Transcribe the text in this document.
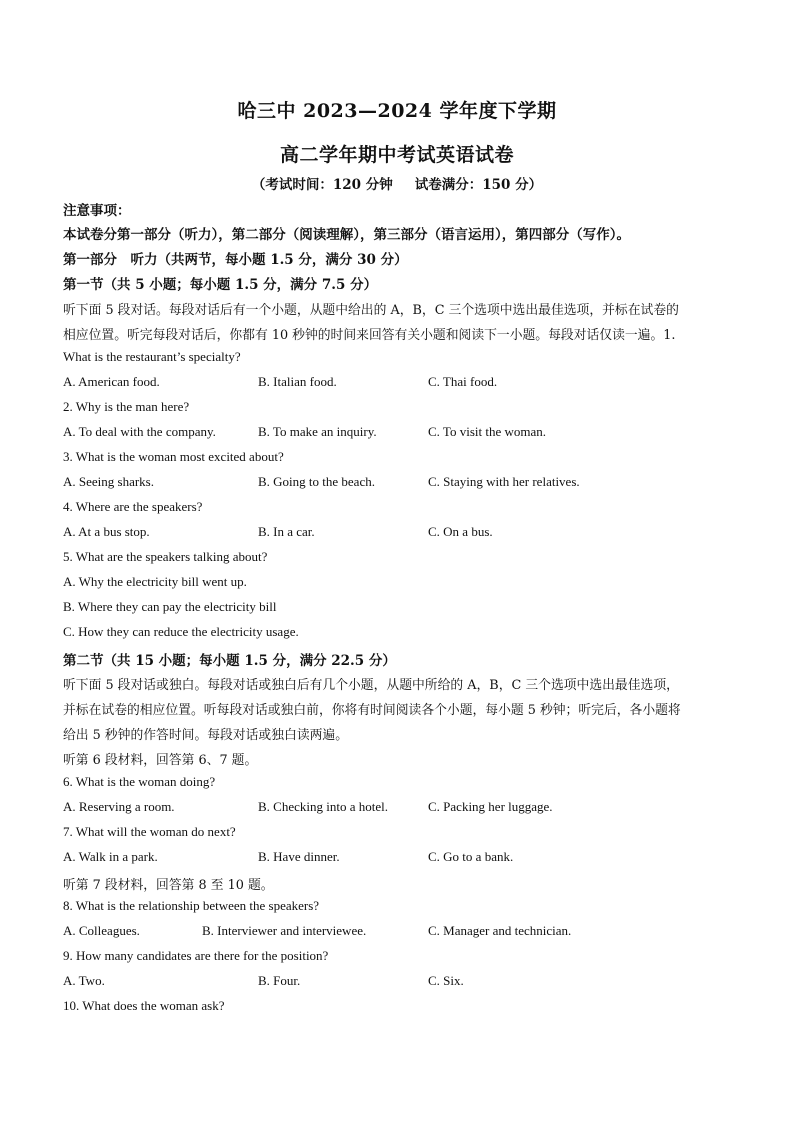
哈三中 2023—2024 学年度下学期
高二学年期中考试英语试卷
（考试时间：120 分钟 试卷满分：150 分）
注意事项：
本试卷分第一部分（听力），第二部分（阅读理解），第三部分（语言运用），第四部分（写作）。
第一部分　听力（共两节，每小题 1.5 分，满分 30 分）
第一节（共 5 小题；每小题 1.5 分，满分 7.5 分）
听下面 5 段对话。每段对话后有一个小题，从题中给出的 A，B，C 三个选项中选出最佳选项，并标在试卷的
相应位置。听完每段对话后，你都有 10 秒钟的时间来回答有关小题和阅读下一小题。每段对话仅读一遍。1.
What is the restaurant’s specialty?
A. American food.	B. Italian food.	C. Thai food.
2. Why is the man here?
A. To deal with the company.	B. To make an inquiry.	C. To visit the woman.
3. What is the woman most excited about?
A. Seeing sharks.	B. Going to the beach.	C. Staying with her relatives.
4. Where are the speakers?
A. At a bus stop.	B. In a car.	C. On a bus.
5. What are the speakers talking about?
A. Why the electricity bill went up.
B. Where they can pay the electricity bill
C. How they can reduce the electricity usage.
第二节（共 15 小题；每小题 1.5 分，满分 22.5 分）
听下面 5 段对话或独白。每段对话或独白后有几个小题，从题中所给的 A，B，C 三个选项中选出最佳选项，
并标在试卷的相应位置。听每段对话或独白前，你将有时间阅读各个小题，每小题 5 秒钟；听完后，各小题将
给出 5 秒钟的作答时间。每段对话或独白读两遍。
听第 6 段材料，回答第 6、7 题。
6. What is the woman doing?
A. Reserving a room.	B. Checking into a hotel.	C. Packing her luggage.
7. What will the woman do next?
A. Walk in a park.	B. Have dinner.	C. Go to a bank.
听第 7 段材料，回答第 8 至 10 题。
8. What is the relationship between the speakers?
A. Colleagues.	B. Interviewer and interviewee.	C. Manager and technician.
9. How many candidates are there for the position?
A. Two.	B. Four.	C. Six.
10. What does the woman ask?
